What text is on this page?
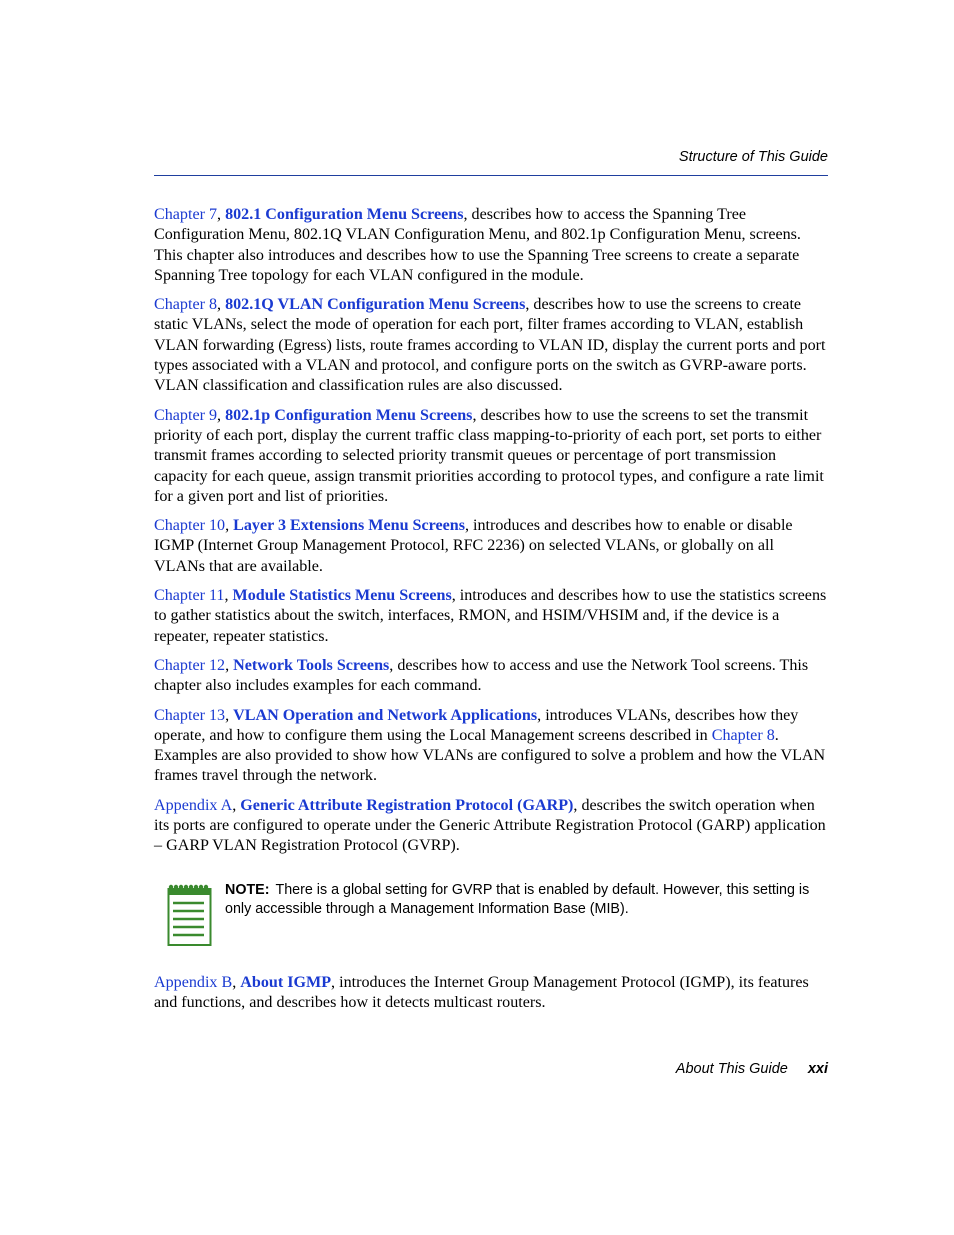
Structure of This Guide

Chapter 7, 802.1 Configuration Menu Screens, describes how to access the Spanning Tree Configuration Menu, 802.1Q VLAN Configuration Menu, and 802.1p Configuration Menu, screens. This chapter also introduces and describes how to use the Spanning Tree screens to create a separate Spanning Tree topology for each VLAN configured in the module.

Chapter 8, 802.1Q VLAN Configuration Menu Screens, describes how to use the screens to create static VLANs, select the mode of operation for each port, filter frames according to VLAN, establish VLAN forwarding (Egress) lists, route frames according to VLAN ID, display the current ports and port types associated with a VLAN and protocol, and configure ports on the switch as GVRP-aware ports. VLAN classification and classification rules are also discussed.

Chapter 9, 802.1p Configuration Menu Screens, describes how to use the screens to set the transmit priority of each port, display the current traffic class mapping-to-priority of each port, set ports to either transmit frames according to selected priority transmit queues or percentage of port transmission capacity for each queue, assign transmit priorities according to protocol types, and configure a rate limit for a given port and list of priorities.

Chapter 10, Layer 3 Extensions Menu Screens, introduces and describes how to enable or disable IGMP (Internet Group Management Protocol, RFC 2236) on selected VLANs, or globally on all VLANs that are available.

Chapter 11, Module Statistics Menu Screens, introduces and describes how to use the statistics screens to gather statistics about the switch, interfaces, RMON, and HSIM/VHSIM and, if the device is a repeater, repeater statistics.

Chapter 12, Network Tools Screens, describes how to access and use the Network Tool screens. This chapter also includes examples for each command.

Chapter 13, VLAN Operation and Network Applications, introduces VLANs, describes how they operate, and how to configure them using the Local Management screens described in Chapter 8. Examples are also provided to show how VLANs are configured to solve a problem and how the VLAN frames travel through the network.

Appendix A, Generic Attribute Registration Protocol (GARP), describes the switch operation when its ports are configured to operate under the Generic Attribute Registration Protocol (GARP) application – GARP VLAN Registration Protocol (GVRP).

NOTE: There is a global setting for GVRP that is enabled by default. However, this setting is only accessible through a Management Information Base (MIB).

Appendix B, About IGMP, introduces the Internet Group Management Protocol (IGMP), its features and functions, and describes how it detects multicast routers.

About This Guide xxi
